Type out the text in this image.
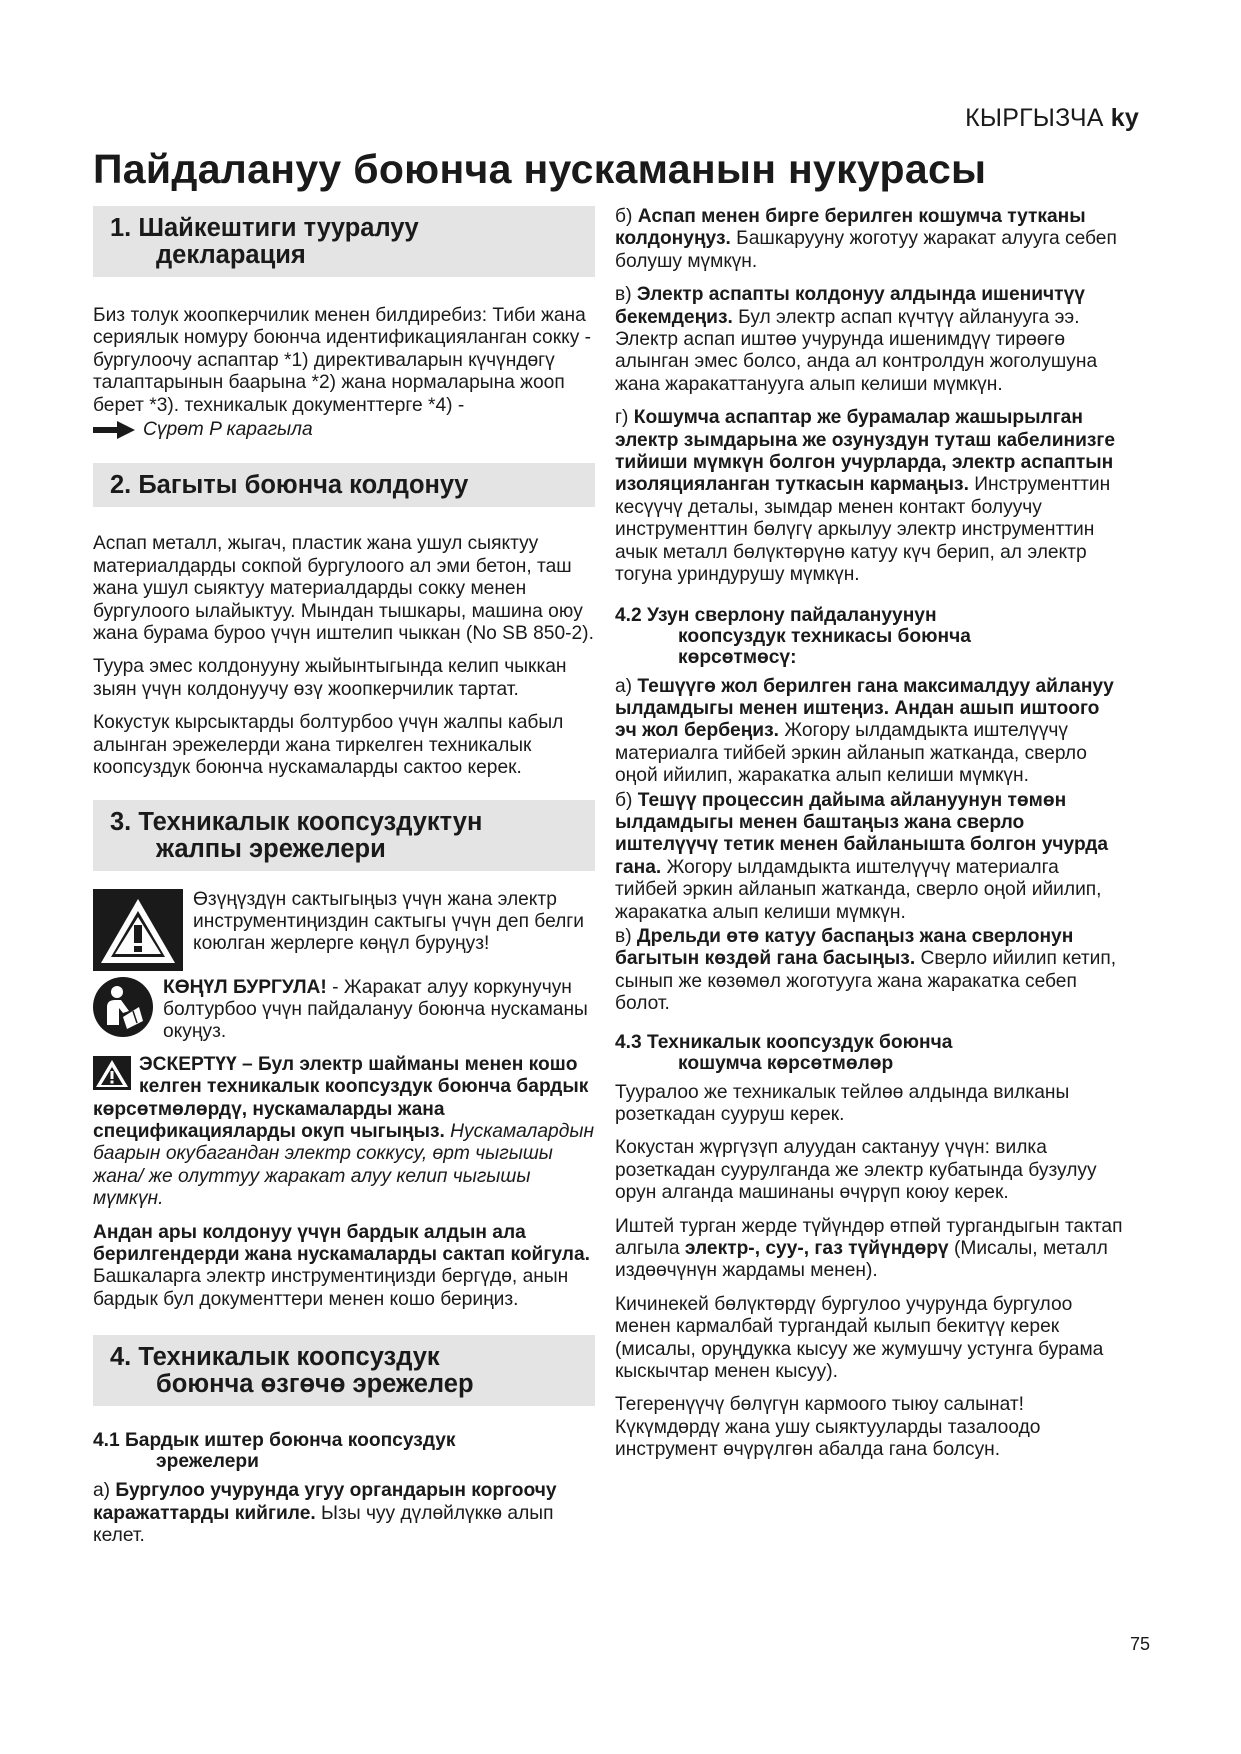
КЫРГЫЗЧА ky
Пайдалануу боюнча нускаманын нукурасы
1. Шайкештиги тууралуу
декларация
Биз толук жоопкерчилик менен билдиребиз: Тиби жана сериялык номуру боюнча идентификацияланган сокку - бургулоочу аспаптар *1) директиваларын күчүндөгү талаптарынын баарына *2) жана нормаларына жооп берет *3). техникалык документтерге *4) -
Сүрөт P карагыла
2. Багыты боюнча колдонуу
Аспап металл, жыгач, пластик жана ушул сыяктуу материалдарды сокпой бургулоого ал эми бетон, таш жана ушул сыяктуу материалдарды сокку менен бургулоого ылайыктуу. Мындан тышкары, машина оюу жана бурама буроо үчүн иштелип чыккан (No SB 850-2).
Туура эмес колдонууну жыйынтыгында келип чыккан зыян үчүн колдонуучу өзү жоопкерчилик тартат.
Кокустук кырсыктарды болтурбоо үчүн жалпы кабыл алынган эрежелерди жана тиркелген техникалык коопсуздук боюнча нускамаларды сактоо керек.
3. Техникалык коопсуздуктун
жалпы эрежелери
Өзүңүздүн сактыгыңыз үчүн жана электр инструментиңиздин сактыгы үчүн деп белги коюлган жерлерге көңүл буруңуз!
КӨҢҮЛ БУРГУЛА! - Жаракат алуу коркунучун болтурбоо үчүн пайдалануу боюнча нускаманы окуңуз.
ЭСКЕРТҮҮ – Бул электр шайманы менен кошо келген техникалык коопсуздук боюнча бардык көрсөтмөлөрдү, нускамаларды жана спецификацияларды окуп чыгыңыз. Нускамалардын баарын окубагандан электр соккусу, өрт чыгышы жана/ же олуттуу жаракат алуу келип чыгышы мүмкүн.
Андан ары колдонуу үчүн бардык алдын ала берилгендерди жана нускамаларды сактап койгула.
Башкаларга электр инструментиңизди бергүдө, анын бардык бул документтери менен кошо бериңиз.
4. Техникалык коопсуздук
боюнча өзгөчө эрежелер
4.1 Бардык иштер боюнча коопсуздук
эрежелери
а) Бургулоо учурунда угуу органдарын коргоочу каражаттарды кийгиле. Ызы чуу дүлөйлүккө алып келет.
б) Аспап менен бирге берилген кошумча тутканы колдонуңуз. Башкарууну жоготуу жаракат алууга себеп болушу мүмкүн.
в) Электр аспапты колдонуу алдында ишеничтүү бекемдеңиз. Бул электр аспап күчтүү айланууга ээ. Электр аспап иштөө учурунда ишенимдүү тирөөгө алынган эмес болсо, анда ал контролдун жоголушуна жана жаракаттанууга алып келиши мүмкүн.
г) Кошумча аспаптар же бурамалар жашырылган электр зымдарына же озунуздун туташ кабелинизге тийиши мүмкүн болгон учурларда, электр аспаптын изоляцияланган туткасын кармаңыз. Инструменттин кесүүчү деталы, зымдар менен контакт болуучу инструменттин бөлүгү аркылуу электр инструменттин ачык металл бөлүктөрүнө катуу күч берип, ал электр тогуна уриндурушу мүмкүн.
4.2 Узун сверлону пайдалануунун
коопсуздук техникасы боюнча
көрсөтмөсү:
а) Тешүүгө жол берилген гана максималдуу айлануу ылдамдыгы менен иштеңиз. Андан ашып иштоого эч жол бербеңиз. Жогору ылдамдыкта иштелүүчү материалга тийбей эркин айланып жатканда, сверло оңой ийилип, жаракатка алып келиши мүмкүн.
б) Тешүү процессин дайыма айлануунун төмөн ылдамдыгы менен баштаңыз жана сверло иштелүүчү тетик менен байланышта болгон учурда гана. Жогору ылдамдыкта иштелүүчү материалга тийбей эркин айланып жатканда, сверло оңой ийилип, жаракатка алып келиши мүмкүн.
в) Дрельди өтө катуу баспаңыз жана сверлонун багытын көздөй гана басыңыз. Сверло ийилип кетип, сынып же көзөмөл жоготууга жана жаракатка себеп болот.
4.3 Техникалык коопсуздук боюнча
кошумча көрсөтмөлөр
Тууралоо же техникалык тейлөө алдында вилканы розеткадан сууруш керек.
Кокустан жүргүзүп алуудан сактануу үчүн: вилка розеткадан суурулганда же электр кубатында бузулуу орун алганда машинаны өчүрүп коюу керек.
Иштей турган жерде түйүндөр өтпөй тургандыгын тактап алгыла электр-, суу-, газ түйүндөрү (Мисалы, металл издөөчүнүн жардамы менен).
Кичинекей бөлүктөрдү бургулоо учурунда бургулоо менен кармалбай тургандай кылып бекитүү керек (мисалы, оруңдукка кысуу же жумушчу устунга бурама кыскычтар менен кысуу).
Тегеренүүчү бөлүгүн кармоого тыюу салынат! Күкүмдөрдү жана ушу сыяктууларды тазалоодо инструмент өчүрүлгөн абалда гана болсун.
75
